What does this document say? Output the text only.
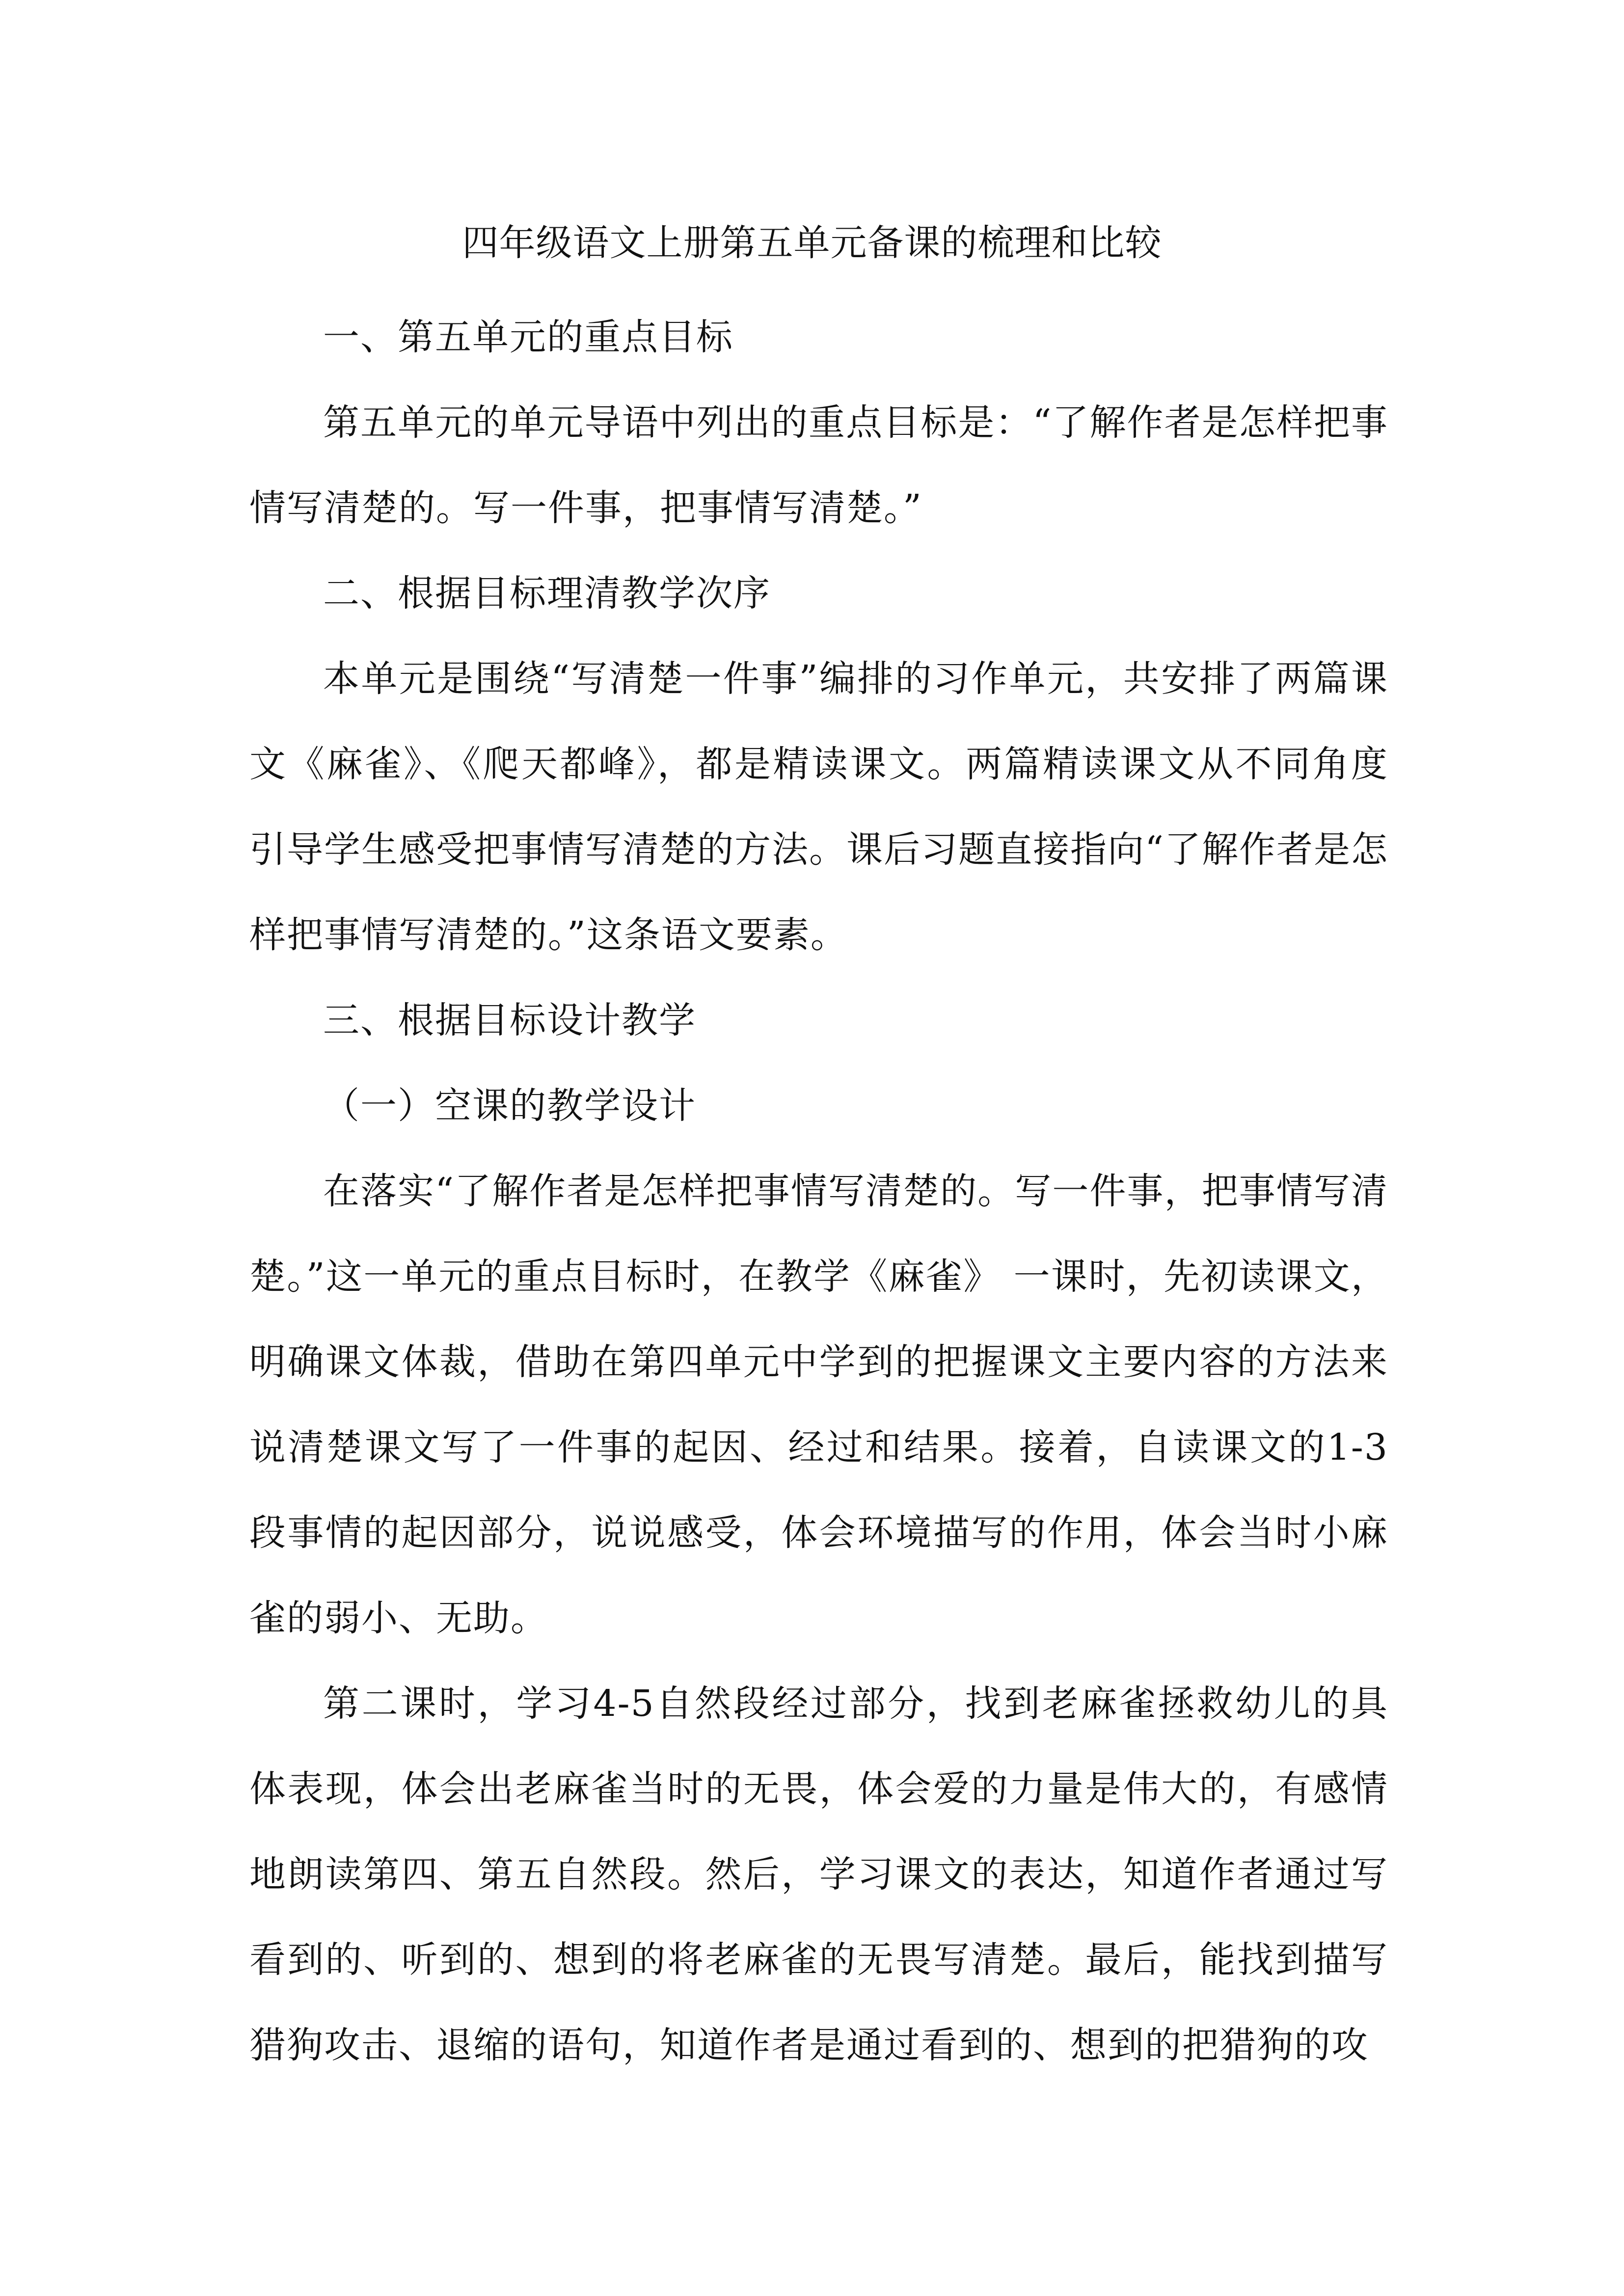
四年级语文上册第五单元备课的梳理和比较

一、第五单元的重点目标

第五单元的单元导语中列出的重点目标是：“了解作者是怎样把事情写清楚的。写一件事，把事情写清楚。”

二、根据目标理清教学次序

本单元是围绕“写清楚一件事”编排的习作单元，共安排了两篇课文《麻雀》、《爬天都峰》，都是精读课文。两篇精读课文从不同角度引导学生感受把事情写清楚的方法。课后习题直接指向“了解作者是怎样把事情写清楚的。”这条语文要素。

三、根据目标设计教学

（一）空课的教学设计

在落实“了解作者是怎样把事情写清楚的。写一件事，把事情写清楚。”这一单元的重点目标时，在教学《麻雀》 一课时，先初读课文，明确课文体裁，借助在第四单元中学到的把握课文主要内容的方法来说清楚课文写了一件事的起因、经过和结果。接着，自读课文的1-3段事情的起因部分，说说感受，体会环境描写的作用，体会当时小麻雀的弱小、无助。

第二课时，学习4-5自然段经过部分，找到老麻雀拯救幼儿的具体表现，体会出老麻雀当时的无畏，体会爱的力量是伟大的，有感情地朗读第四、第五自然段。然后，学习课文的表达，知道作者通过写看到的、听到的、想到的将老麻雀的无畏写清楚。最后，能找到描写猎狗攻击、退缩的语句，知道作者是通过看到的、想到的把猎狗的攻
